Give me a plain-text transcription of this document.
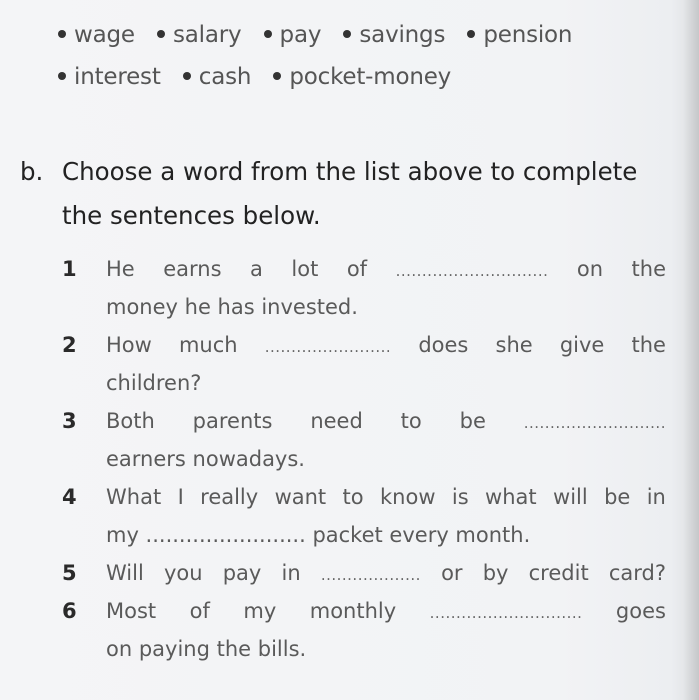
wage salary pay savings pension
interest cash pocket-money
b. Choose a word from the list above to complete
the sentences below.
1 He earns a lot of ............................. on the
money he has invested.
2 How much ........................ does she give the
children?
3 Both parents need to be	...........................
earners nowadays.
4 What I really want to know is what will be in
my ........................ packet every month.
5 Will you pay in ................... or by credit card?
6 Most of my monthly ............................. goes
on paying the bills.
